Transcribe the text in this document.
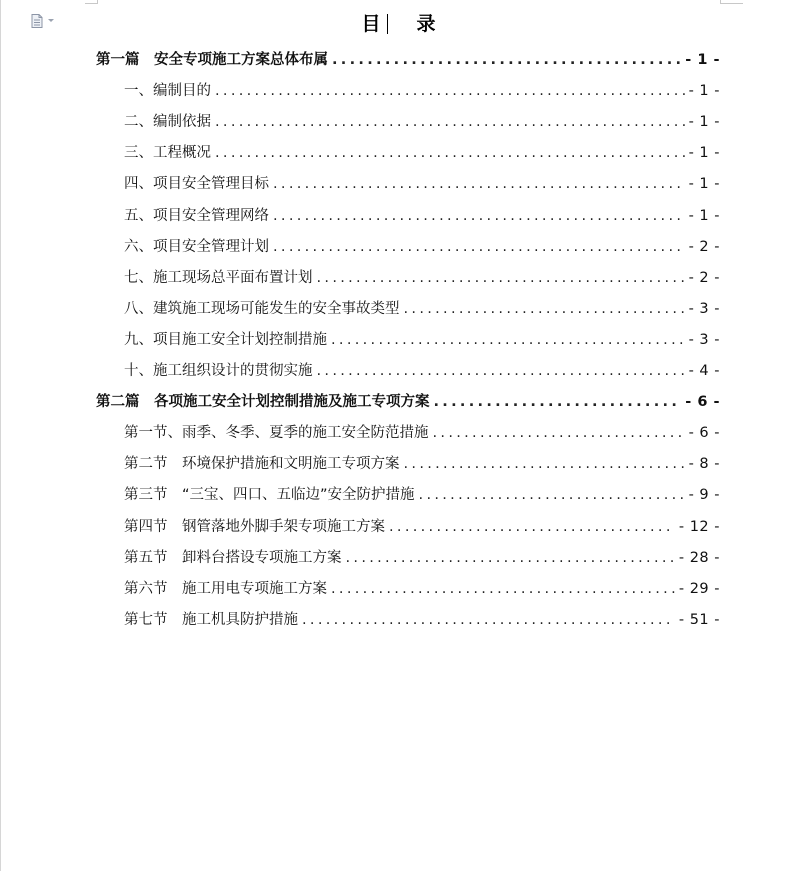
目 录
第一篇　安全专项施工方案总体布属 .....	- 1 -
一、编制目的 .....	- 1 -
二、编制依据 .....	- 1 -
三、工程概况 .....	- 1 -
四、项目安全管理目标 .....	- 1 -
五、项目安全管理网络 .....	- 1 -
六、项目安全管理计划 .....	- 2 -
七、施工现场总平面布置计划 .....	- 2 -
八、建筑施工现场可能发生的安全事故类型 .....	- 3 -
九、项目施工安全计划控制措施 .....	- 3 -
十、施工组织设计的贯彻实施 .....	- 4 -
第二篇　各项施工安全计划控制措施及施工专项方案 .....	- 6 -
第一节、雨季、冬季、夏季的施工安全防范措施 .....	- 6 -
第二节　环境保护措施和文明施工专项方案 .....	- 8 -
第三节　“三宝、四口、五临边”安全防护措施 .....	- 9 -
第四节　钢管落地外脚手架专项施工方案 .....	- 12 -
第五节　卸料台搭设专项施工方案 .....	- 28 -
第六节　施工用电专项施工方案 .....	- 29 -
第七节　施工机具防护措施 .....	- 51 -
